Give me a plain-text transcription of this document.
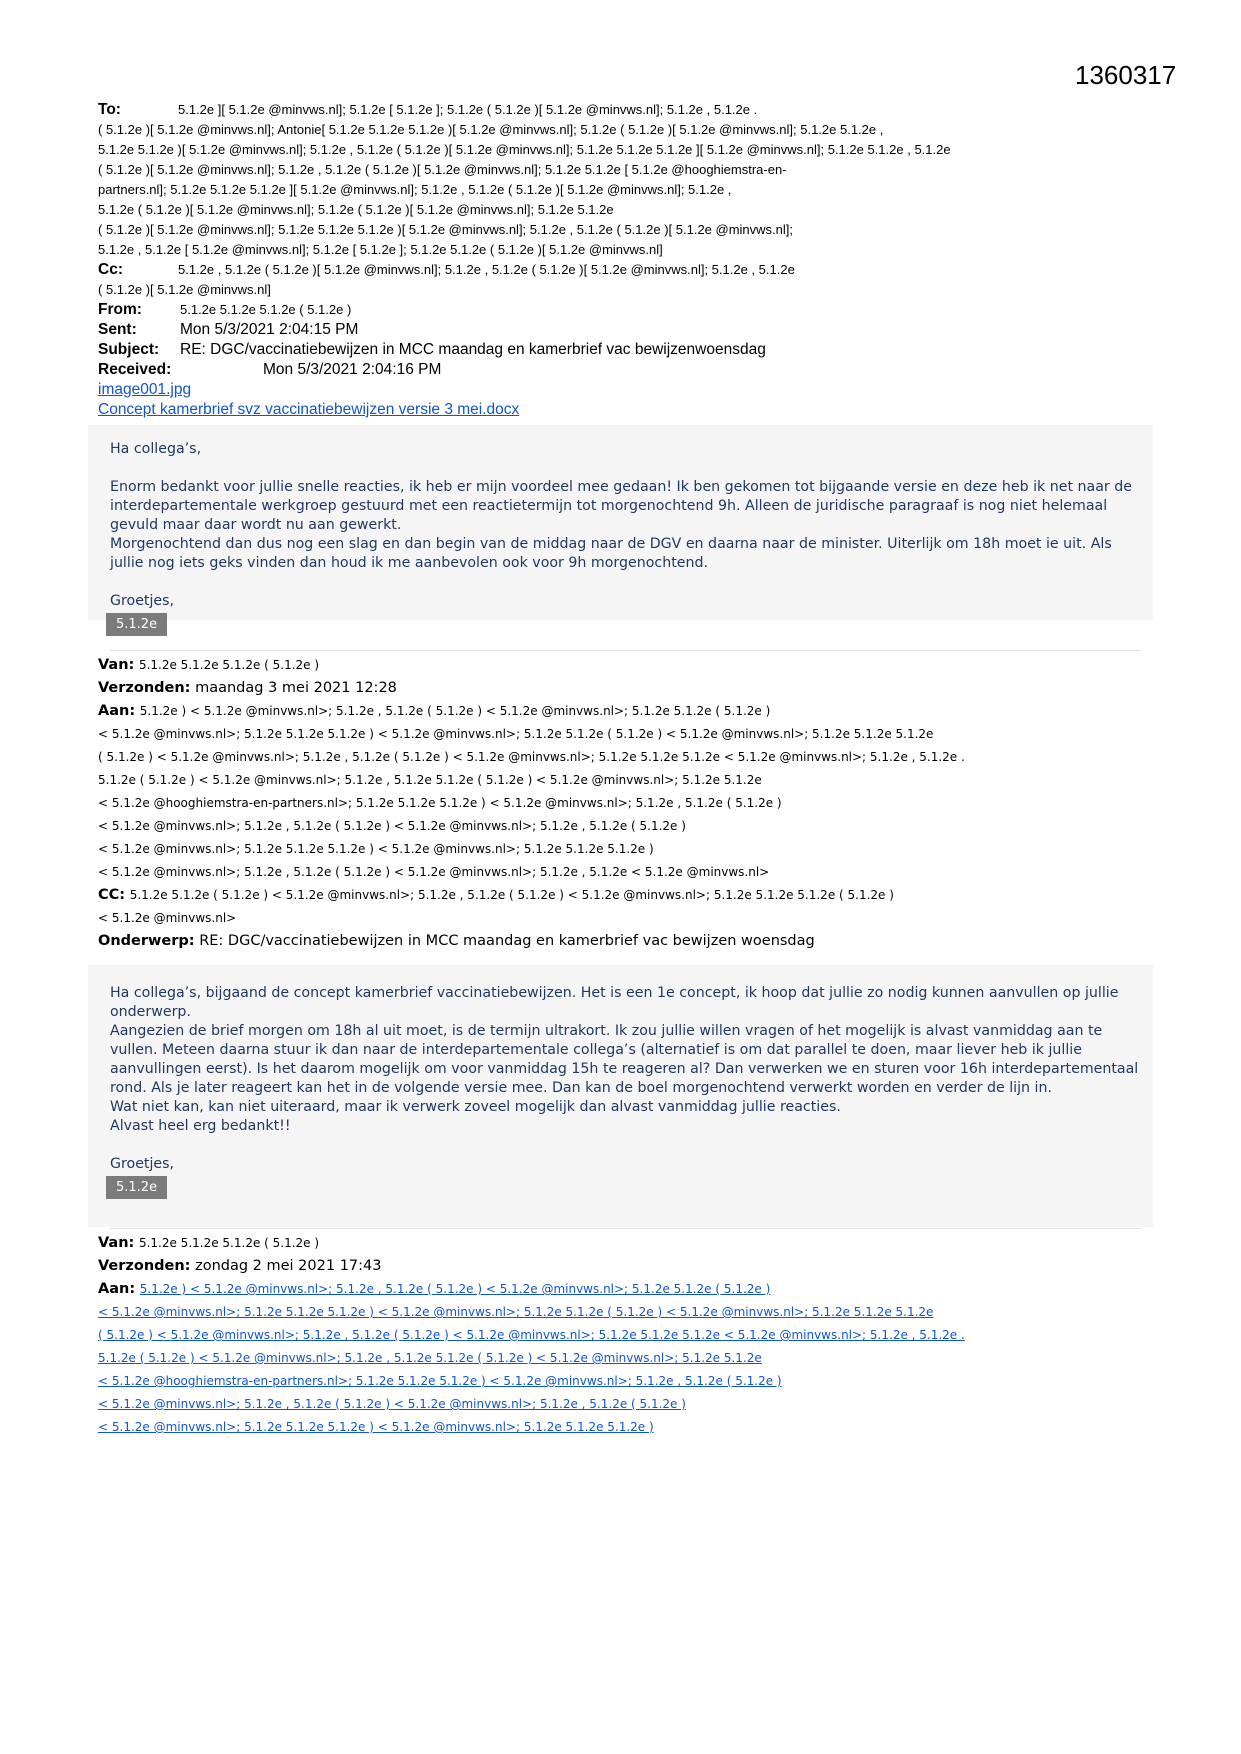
1360317
To:	5.1.2e ][ 5.1.2e @minvws.nl]; 5.1.2e [ 5.1.2e ]; 5.1.2e ( 5.1.2e )[ 5.1.2e @minvws.nl]; 5.1.2e , 5.1.2e .
( 5.1.2e )[ 5.1.2e @minvws.nl]; Antonie[ 5.1.2e 5.1.2e 5.1.2e )[ 5.1.2e @minvws.nl]; 5.1.2e ( 5.1.2e )[ 5.1.2e @minvws.nl]; 5.1.2e 5.1.2e ,
5.1.2e 5.1.2e )[ 5.1.2e @minvws.nl]; 5.1.2e , 5.1.2e ( 5.1.2e )[ 5.1.2e @minvws.nl]; 5.1.2e 5.1.2e 5.1.2e ][ 5.1.2e @minvws.nl]; 5.1.2e 5.1.2e , 5.1.2e
( 5.1.2e )[ 5.1.2e @minvws.nl]; 5.1.2e , 5.1.2e ( 5.1.2e )[ 5.1.2e @minvws.nl]; 5.1.2e 5.1.2e [ 5.1.2e @hooghiemstra-en-
partners.nl]; 5.1.2e 5.1.2e 5.1.2e ][ 5.1.2e @minvws.nl]; 5.1.2e , 5.1.2e ( 5.1.2e )[ 5.1.2e @minvws.nl]; 5.1.2e ,
5.1.2e ( 5.1.2e )[ 5.1.2e @minvws.nl]; 5.1.2e ( 5.1.2e )[ 5.1.2e @minvws.nl]; 5.1.2e 5.1.2e
( 5.1.2e )[ 5.1.2e @minvws.nl]; 5.1.2e 5.1.2e 5.1.2e )[ 5.1.2e @minvws.nl]; 5.1.2e , 5.1.2e ( 5.1.2e )[ 5.1.2e @minvws.nl];
5.1.2e , 5.1.2e [ 5.1.2e @minvws.nl]; 5.1.2e [ 5.1.2e ]; 5.1.2e 5.1.2e ( 5.1.2e )[ 5.1.2e @minvws.nl]
Cc:	5.1.2e , 5.1.2e ( 5.1.2e )[ 5.1.2e @minvws.nl]; 5.1.2e , 5.1.2e ( 5.1.2e )[ 5.1.2e @minvws.nl]; 5.1.2e , 5.1.2e
( 5.1.2e )[ 5.1.2e @minvws.nl]
From:	5.1.2e 5.1.2e 5.1.2e ( 5.1.2e )
Sent:	Mon 5/3/2021 2:04:15 PM
Subject: RE: DGC/vaccinatiebewijzen in MCC maandag en kamerbrief vac bewijzenwoensdag
Received:	Mon 5/3/2021 2:04:16 PM
image001.jpg
Concept kamerbrief svz vaccinatiebewijzen versie 3 mei.docx

Ha collega’s,

Enorm bedankt voor jullie snelle reacties, ik heb er mijn voordeel mee gedaan! Ik ben gekomen tot bijgaande versie en deze heb ik net naar de interdepartementale werkgroep gestuurd met een reactietermijn tot morgenochtend 9h. Alleen de juridische paragraaf is nog niet helemaal gevuld maar daar wordt nu aan gewerkt.

Morgenochtend dan dus nog een slag en dan begin van de middag naar de DGV en daarna naar de minister. Uiterlijk om 18h moet ie uit. Als jullie nog iets geks vinden dan houd ik me aanbevolen ook voor 9h morgenochtend.

Groetjes,

5.1.2e
Van: 5.1.2e 5.1.2e 5.1.2e ( 5.1.2e )
Verzonden: maandag 3 mei 2021 12:28
Aan: 5.1.2e ) < 5.1.2e @minvws.nl>; 5.1.2e , 5.1.2e ( 5.1.2e ) < 5.1.2e @minvws.nl>; 5.1.2e 5.1.2e ( 5.1.2e )
< 5.1.2e @minvws.nl>; 5.1.2e 5.1.2e 5.1.2e ) < 5.1.2e @minvws.nl>; 5.1.2e 5.1.2e ( 5.1.2e ) < 5.1.2e @minvws.nl>; 5.1.2e 5.1.2e 5.1.2e
( 5.1.2e ) < 5.1.2e @minvws.nl>; 5.1.2e , 5.1.2e ( 5.1.2e ) < 5.1.2e @minvws.nl>; 5.1.2e 5.1.2e 5.1.2e < 5.1.2e @minvws.nl>; 5.1.2e , 5.1.2e .
5.1.2e ( 5.1.2e ) < 5.1.2e @minvws.nl>; 5.1.2e , 5.1.2e 5.1.2e ( 5.1.2e ) < 5.1.2e @minvws.nl>; 5.1.2e 5.1.2e
< 5.1.2e @hooghiemstra-en-partners.nl>; 5.1.2e 5.1.2e 5.1.2e ) < 5.1.2e @minvws.nl>; 5.1.2e , 5.1.2e ( 5.1.2e )
< 5.1.2e @minvws.nl>; 5.1.2e , 5.1.2e ( 5.1.2e ) < 5.1.2e @minvws.nl>; 5.1.2e , 5.1.2e ( 5.1.2e )
< 5.1.2e @minvws.nl>; 5.1.2e 5.1.2e 5.1.2e ) < 5.1.2e @minvws.nl>; 5.1.2e 5.1.2e 5.1.2e )
< 5.1.2e @minvws.nl>; 5.1.2e , 5.1.2e ( 5.1.2e ) < 5.1.2e @minvws.nl>; 5.1.2e , 5.1.2e < 5.1.2e @minvws.nl>
CC: 5.1.2e 5.1.2e ( 5.1.2e ) < 5.1.2e @minvws.nl>; 5.1.2e , 5.1.2e ( 5.1.2e ) < 5.1.2e @minvws.nl>; 5.1.2e 5.1.2e 5.1.2e ( 5.1.2e )
< 5.1.2e @minvws.nl>
Onderwerp: RE: DGC/vaccinatiebewijzen in MCC maandag en kamerbrief vac bewijzen woensdag

Ha collega’s, bijgaand de concept kamerbrief vaccinatiebewijzen. Het is een 1e concept, ik hoop dat jullie zo nodig kunnen aanvullen op jullie onderwerp.

Aangezien de brief morgen om 18h al uit moet, is de termijn ultrakort. Ik zou jullie willen vragen of het mogelijk is alvast vanmiddag aan te vullen. Meteen daarna stuur ik dan naar de interdepartementale collega’s (alternatief is om dat parallel te doen, maar liever heb ik jullie aanvullingen eerst). Is het daarom mogelijk om voor vanmiddag 15h te reageren al? Dan verwerken we en sturen voor 16h interdepartementaal rond. Als je later reageert kan het in de volgende versie mee. Dan kan de boel morgenochtend verwerkt worden en verder de lijn in.

Wat niet kan, kan niet uiteraard, maar ik verwerk zoveel mogelijk dan alvast vanmiddag jullie reacties.

Alvast heel erg bedankt!!

Groetjes,

5.1.2e
Van: 5.1.2e 5.1.2e 5.1.2e ( 5.1.2e )
Verzonden: zondag 2 mei 2021 17:43
Aan: 5.1.2e ) < 5.1.2e @minvws.nl>; 5.1.2e , 5.1.2e ( 5.1.2e ) < 5.1.2e @minvws.nl>; 5.1.2e 5.1.2e ( 5.1.2e )
< 5.1.2e @minvws.nl>; 5.1.2e 5.1.2e 5.1.2e ) < 5.1.2e @minvws.nl>; 5.1.2e 5.1.2e ( 5.1.2e ) < 5.1.2e @minvws.nl>; 5.1.2e 5.1.2e 5.1.2e
( 5.1.2e ) < 5.1.2e @minvws.nl>; 5.1.2e , 5.1.2e ( 5.1.2e ) < 5.1.2e @minvws.nl>; 5.1.2e 5.1.2e 5.1.2e < 5.1.2e @minvws.nl>; 5.1.2e , 5.1.2e .
5.1.2e ( 5.1.2e ) < 5.1.2e @minvws.nl>; 5.1.2e , 5.1.2e 5.1.2e ( 5.1.2e ) < 5.1.2e @minvws.nl>; 5.1.2e 5.1.2e
< 5.1.2e @hooghiemstra-en-partners.nl>; 5.1.2e 5.1.2e 5.1.2e ) < 5.1.2e @minvws.nl>; 5.1.2e , 5.1.2e ( 5.1.2e )
< 5.1.2e @minvws.nl>; 5.1.2e , 5.1.2e ( 5.1.2e ) < 5.1.2e @minvws.nl>; 5.1.2e , 5.1.2e ( 5.1.2e )
< 5.1.2e @minvws.nl>; 5.1.2e 5.1.2e 5.1.2e ) < 5.1.2e @minvws.nl>; 5.1.2e 5.1.2e 5.1.2e )
